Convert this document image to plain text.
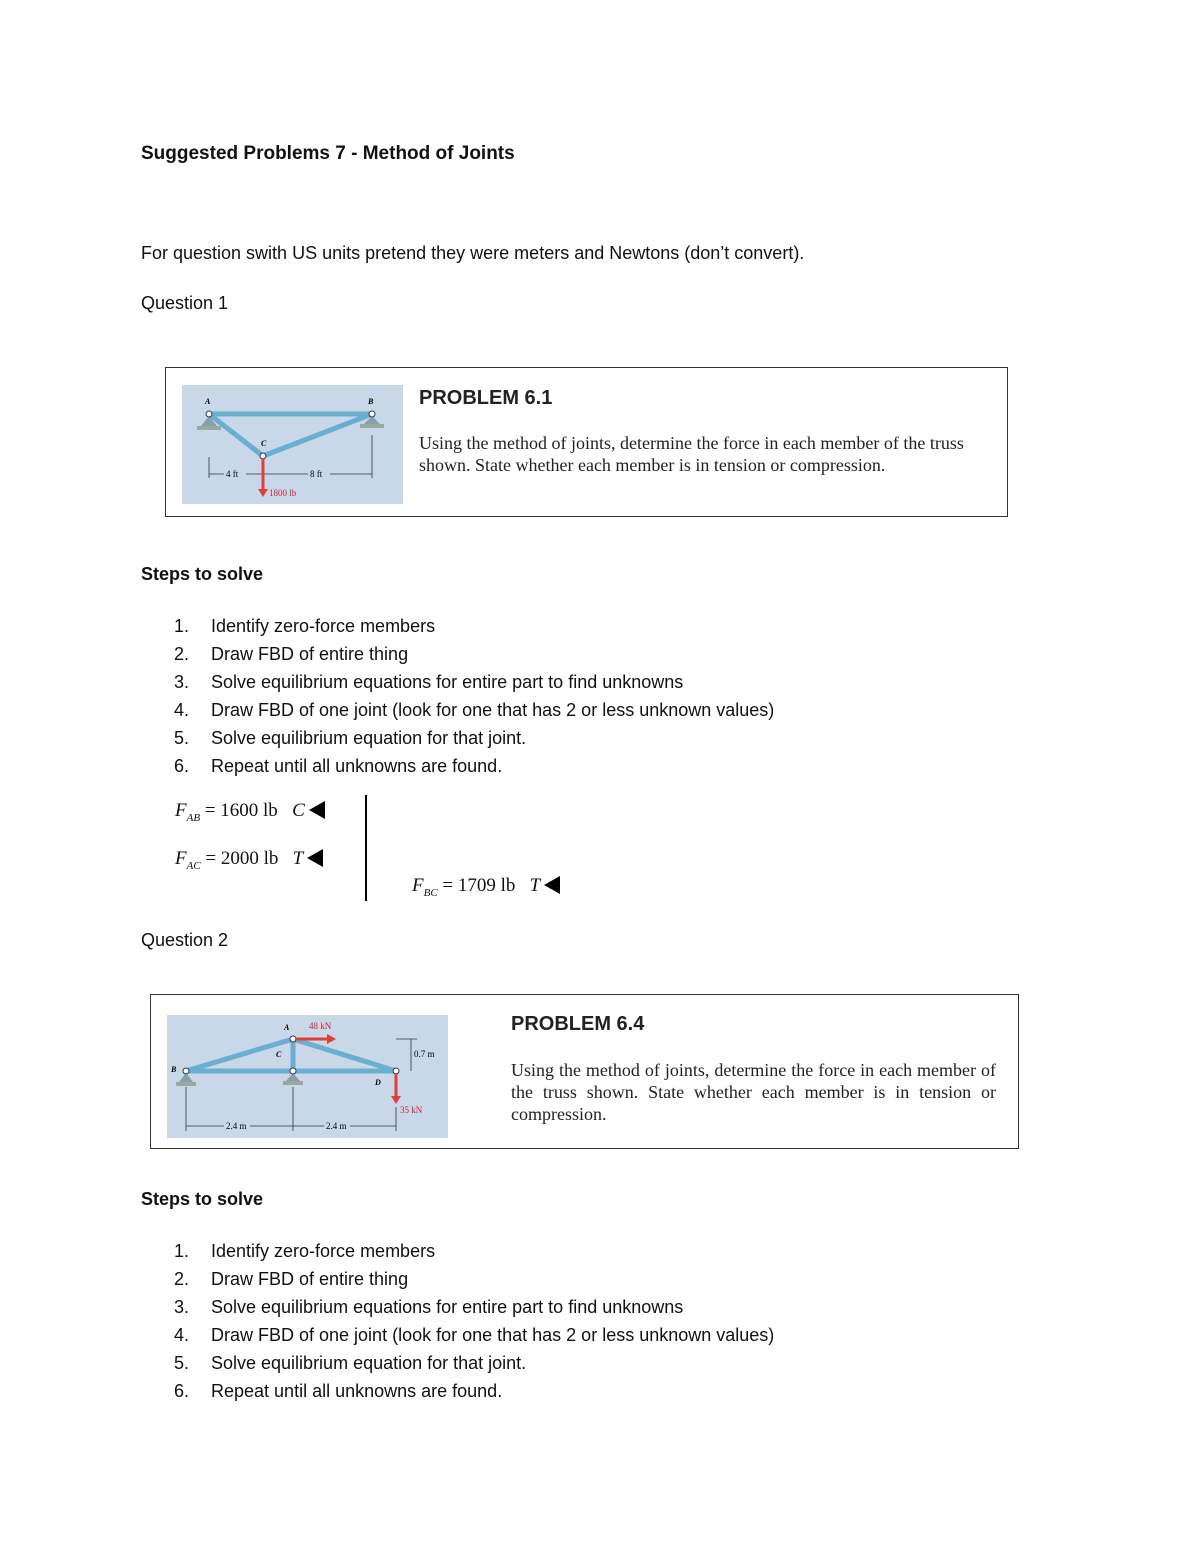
Suggested Problems 7 - Method of Joints
For question swith US units pretend they were meters and Newtons (don’t convert).
Question 1
A	B
C
4 ft	8 ft
1800 lb
PROBLEM 6.1
Using the method of joints, determine the force in each member of the truss shown. State whether each member is in tension or compression.
Steps to solve
1.	Identify zero-force members
2.	Draw FBD of entire thing
3.	Solve equilibrium equations for entire part to find unknowns
4.	Draw FBD of one joint (look for one that has 2 or less unknown values)
5.	Solve equilibrium equation for that joint.
6.	Repeat until all unknowns are found.
$F_{AB} = 1600$ lb C
$F_{AC} = 2000$ lb T
$F_{BC} = 1709$ lb T
Question 2
B
A
C
D
48 kN
35 kN
0.7 m
2.4 m	2.4 m
PROBLEM 6.4
Using the method of joints, determine the force in each member of the truss shown. State whether each member is in tension or compression.
Steps to solve
1.	Identify zero-force members
2.	Draw FBD of entire thing
3.	Solve equilibrium equations for entire part to find unknowns
4.	Draw FBD of one joint (look for one that has 2 or less unknown values)
5.	Solve equilibrium equation for that joint.
6.	Repeat until all unknowns are found.
